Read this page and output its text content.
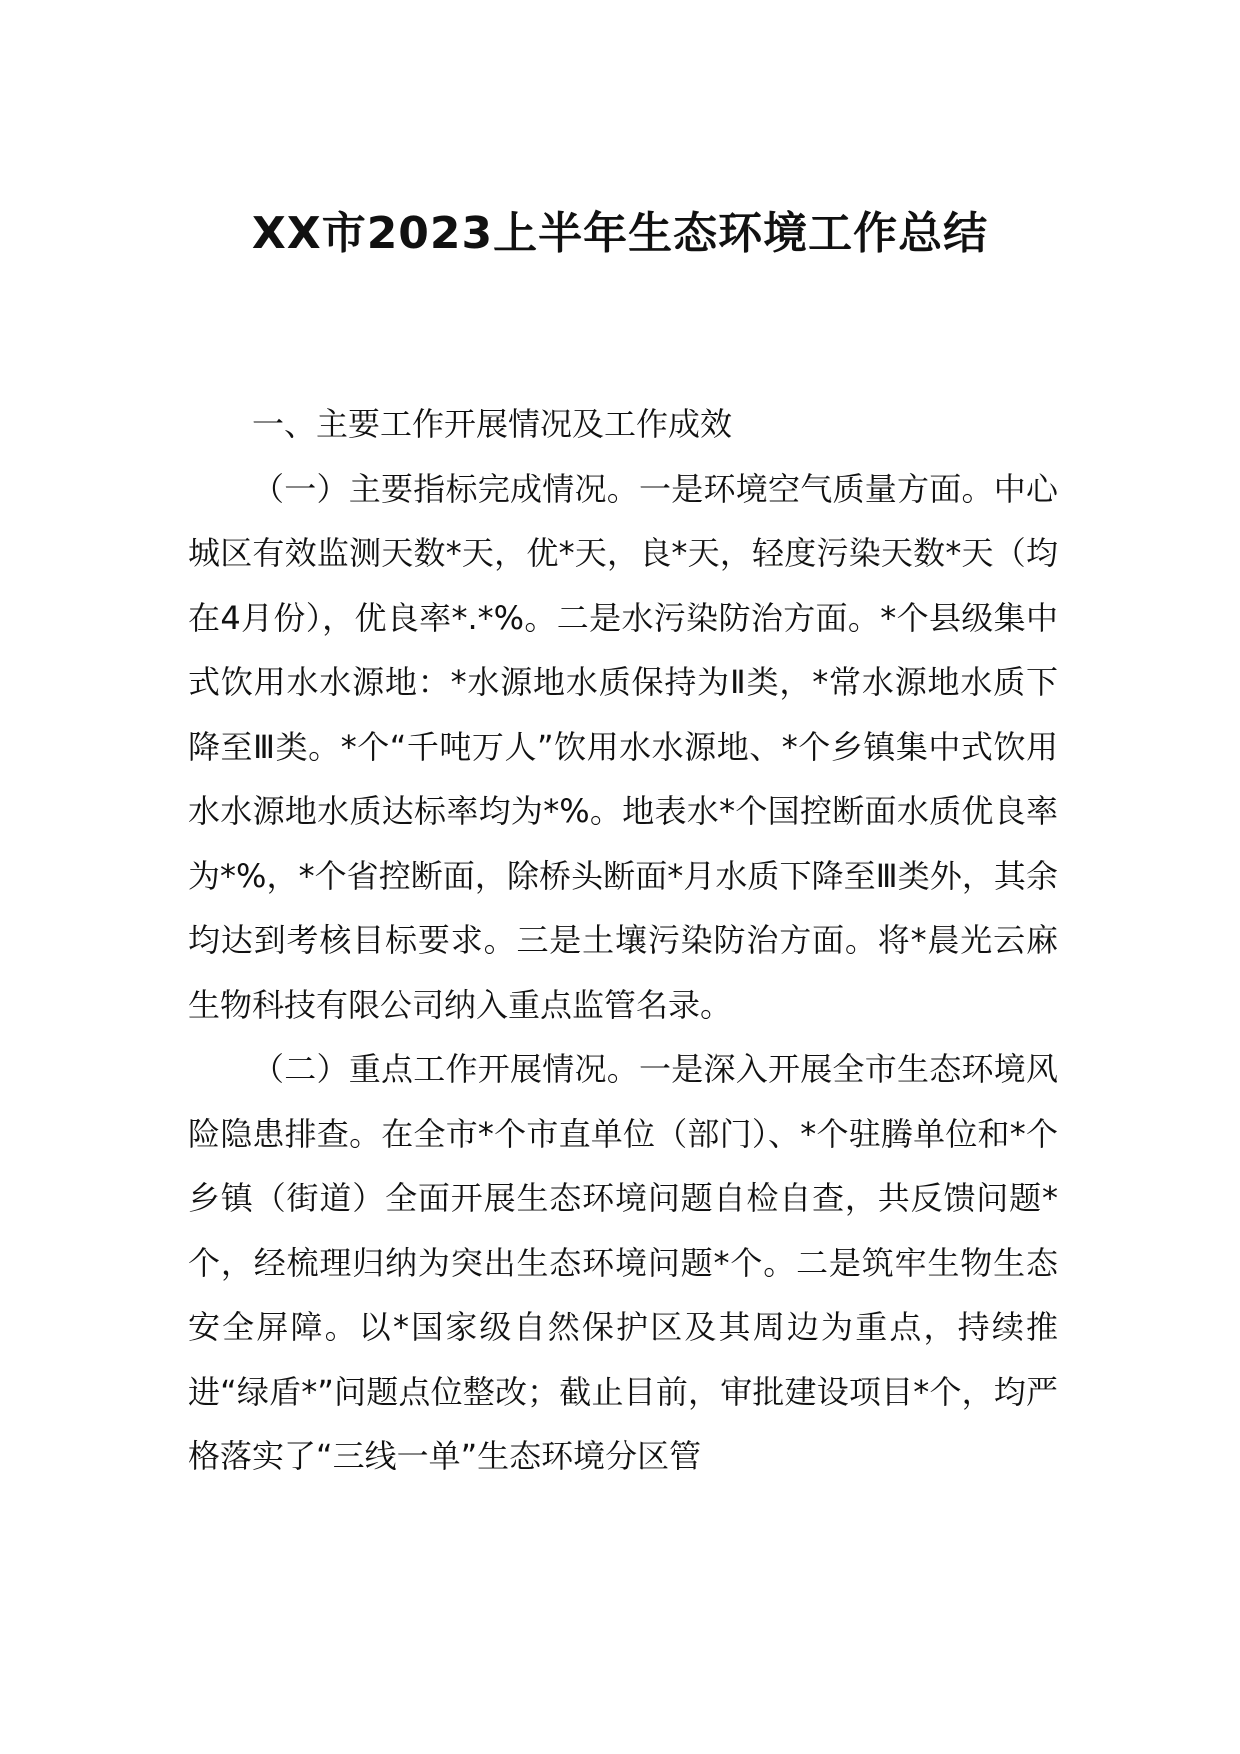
XX市2023上半年生态环境工作总结

一、主要工作开展情况及工作成效

（一）主要指标完成情况。一是环境空气质量方面。中心城区有效监测天数*天，优*天，良*天，轻度污染天数*天（均在4月份），优良率*.*%。二是水污染防治方面。*个县级集中式饮用水水源地：*水源地水质保持为Ⅱ类，*常水源地水质下降至Ⅲ类。*个“千吨万人”饮用水水源地、*个乡镇集中式饮用水水源地水质达标率均为*%。地表水*个国控断面水质优良率为*%，*个省控断面，除桥头断面*月水质下降至Ⅲ类外，其余均达到考核目标要求。三是土壤污染防治方面。将*晨光云麻生物科技有限公司纳入重点监管名录。

（二）重点工作开展情况。一是深入开展全市生态环境风险隐患排查。在全市*个市直单位（部门）、*个驻腾单位和*个乡镇（街道）全面开展生态环境问题自检自查，共反馈问题*个，经梳理归纳为突出生态环境问题*个。二是筑牢生物生态安全屏障。以*国家级自然保护区及其周边为重点，持续推进“绿盾*”问题点位整改；截止目前，审批建设项目*个，均严格落实了“三线一单”生态环境分区管
